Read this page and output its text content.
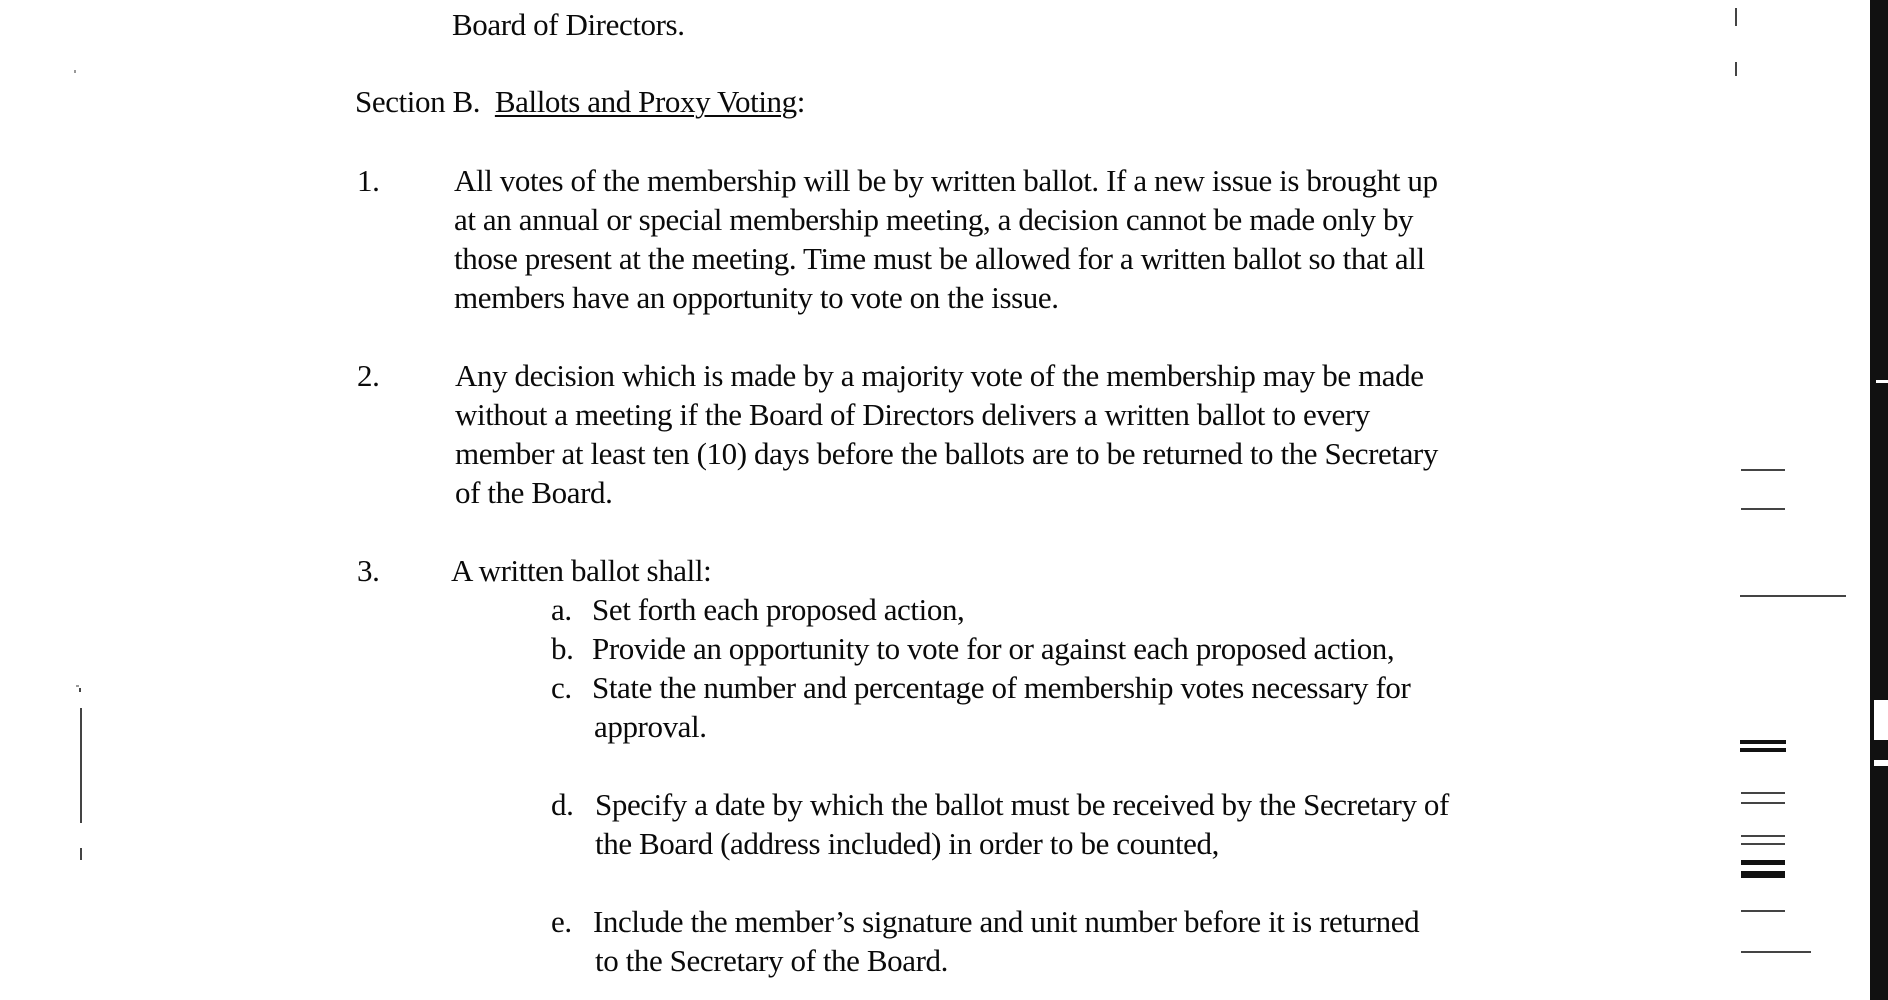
Board of Directors.
Section B. Ballots and Proxy Voting:
1. All votes of the membership will be by written ballot. If a new issue is brought up
at an annual or special membership meeting, a decision cannot be made only by
those present at the meeting. Time must be allowed for a written ballot so that all
members have an opportunity to vote on the issue.
2. Any decision which is made by a majority vote of the membership may be made
without a meeting if the Board of Directors delivers a written ballot to every
member at least ten (10) days before the ballots are to be returned to the Secretary
of the Board.
3. A written ballot shall:
a. Set forth each proposed action,
b. Provide an opportunity to vote for or against each proposed action,
c. State the number and percentage of membership votes necessary for
approval.
d. Specify a date by which the ballot must be received by the Secretary of
the Board (address included) in order to be counted,
e. Include the member’s signature and unit number before it is returned
to the Secretary of the Board.
